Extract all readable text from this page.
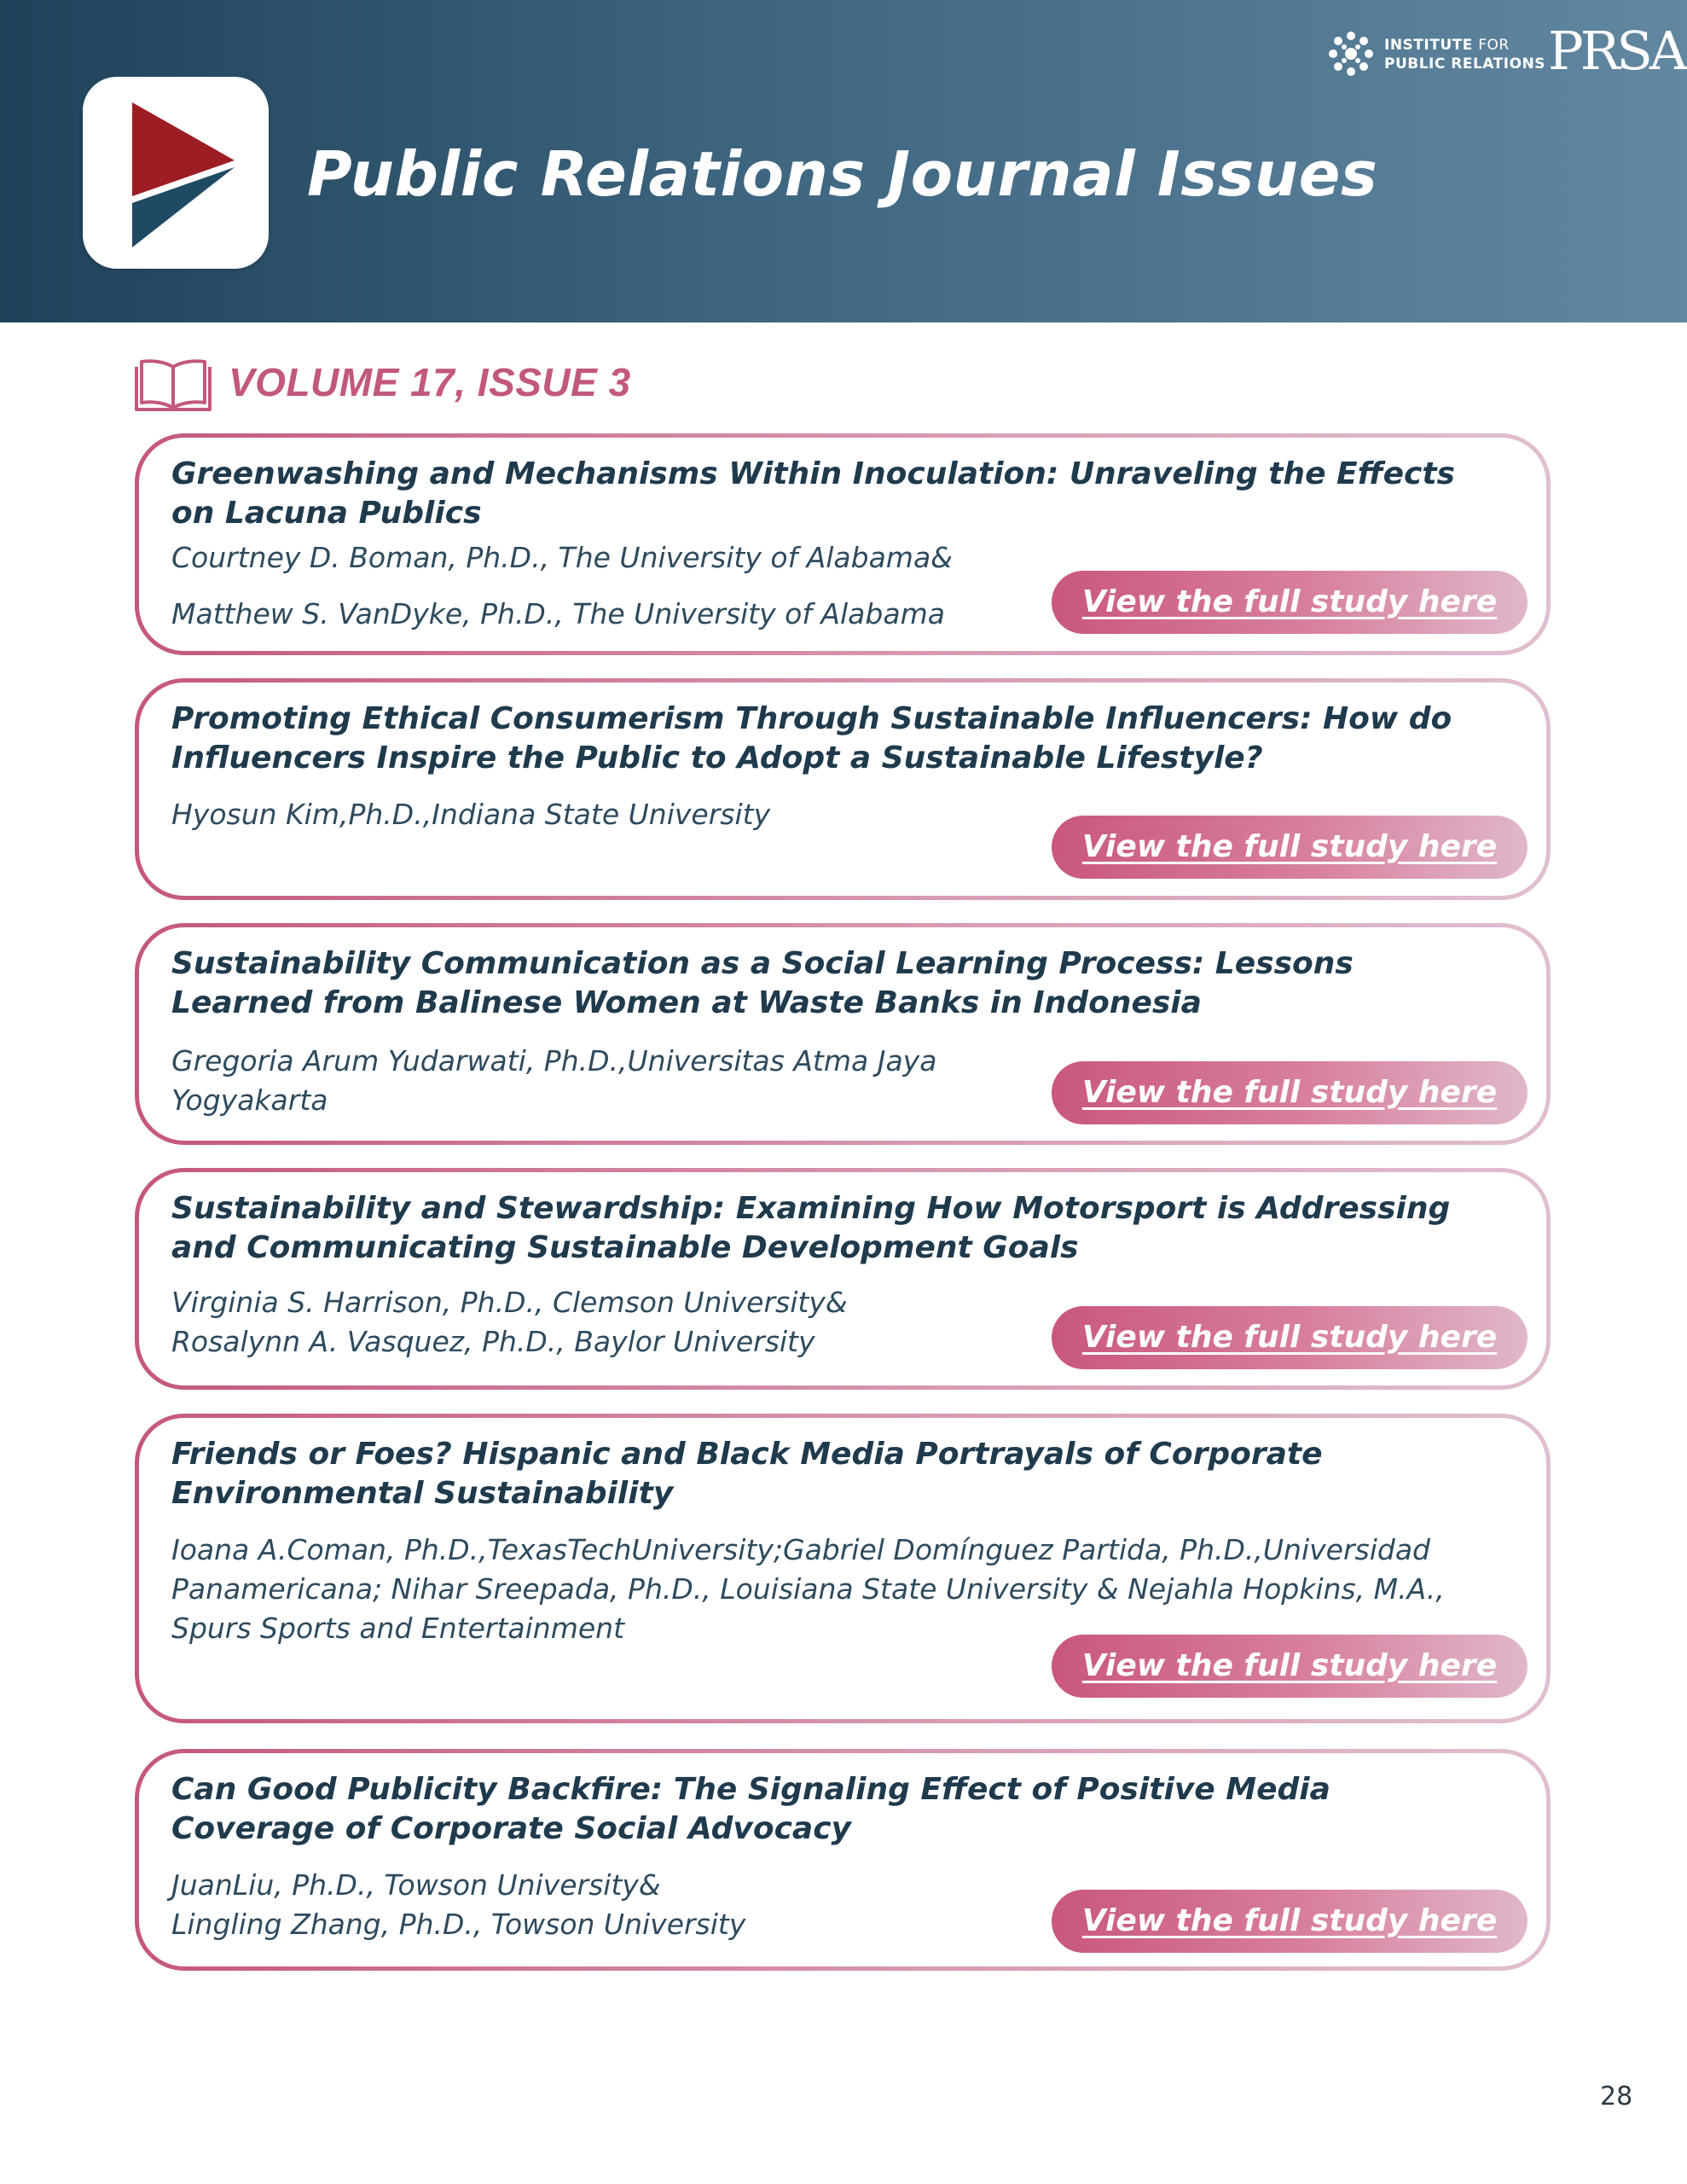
Public Relations Journal Issues
INSTITUTE FOR
PUBLIC RELATIONS PRSA
VOLUME 17, ISSUE 3

Greenwashing and Mechanisms Within Inoculation: Unraveling the Effects on Lacuna Publics

Courtney D. Boman, Ph.D., The University of Alabama&
Matthew S. VanDyke, Ph.D., The University of Alabama	View the full study here

Promoting Ethical Consumerism Through Sustainable Influencers: How do Influencers Inspire the Public to Adopt a Sustainable Lifestyle?

Hyosun Kim,Ph.D.,Indiana State University

View the full study here

Sustainability Communication as a Social Learning Process: Lessons Learned from Balinese Women at Waste Banks in Indonesia

Gregoria Arum Yudarwati, Ph.D.,Universitas Atma Jaya
Yogyakarta	View the full study here

Sustainability and Stewardship: Examining How Motorsport is Addressing and Communicating Sustainable Development Goals

Virginia S. Harrison, Ph.D., Clemson University&
Rosalynn A. Vasquez, Ph.D., Baylor University	View the full study here

Friends or Foes? Hispanic and Black Media Portrayals of Corporate Environmental Sustainability

Ioana A.Coman, Ph.D.,TexasTechUniversity;Gabriel Domínguez Partida, Ph.D.,Universidad
Panamericana; Nihar Sreepada, Ph.D., Louisiana State University & Nejahla Hopkins, M.A.,
Spurs Sports and Entertainment

View the full study here

Can Good Publicity Backfire: The Signaling Effect of Positive Media Coverage of Corporate Social Advocacy

JuanLiu, Ph.D., Towson University&
Lingling Zhang, Ph.D., Towson University	View the full study here
28
